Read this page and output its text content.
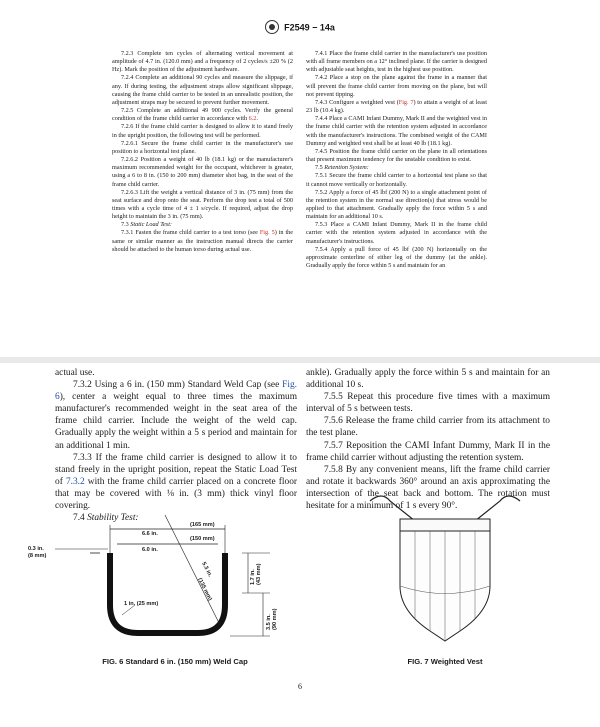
F2549 − 14a

7.2.3 Complete ten cycles of alternating vertical movement at amplitude of 4.7 in. (120.0 mm) and a frequency of 2 cycles/s ±20 % (2 Hz). Mark the position of the adjustment hardware.

7.2.4 Complete an additional 90 cycles and measure the slippage, if any. If during testing, the adjustment straps allow significant slippage, causing the frame child carrier to be tested in an unrealistic position, the adjustment straps may be secured to prevent further movement.

7.2.5 Complete an additional 49 900 cycles. Verify the general condition of the frame child carrier in accordance with 6.2.

7.2.6 If the frame child carrier is designed to allow it to stand freely in the upright position, the following test will be performed.

7.2.6.1 Secure the frame child carrier in the manufacturer's use position to a horizontal test plane.

7.2.6.2 Position a weight of 40 lb (18.1 kg) or the manufacturer's maximum recommended weight for the occupant, whichever is greater, using a 6 to 8 in. (150 to 200 mm) diameter shot bag, in the seat of the frame child carrier.

7.2.6.3 Lift the weight a vertical distance of 3 in. (75 mm) from the seat surface and drop onto the seat. Perform the drop test a total of 500 times with a cycle time of 4 ± 1 s/cycle. If required, adjust the drop height to maintain the 3 in. (75 mm).

7.3 Static Load Test:

7.3.1 Fasten the frame child carrier to a test torso (see Fig. 5) in the same or similar manner as the instruction manual directs the carrier should be attached to the human torso during actual use.

7.4.1 Place the frame child carrier in the manufacturer's use position with all frame members on a 12° inclined plane. If the carrier is designed with adjustable seat heights, test in the highest use position.

7.4.2 Place a stop on the plane against the frame in a manner that will prevent the frame child carrier from moving on the plane, but will not prevent tipping.

7.4.3 Configure a weighted vest (Fig. 7) to attain a weight of at least 23 lb (10.4 kg).

7.4.4 Place a CAMI Infant Dummy, Mark II and the weighted vest in the frame child carrier with the retention system adjusted in accordance with the manufacturer's instructions. The combined weight of the CAMI Dummy and weighted vest shall be at least 40 lb (18.1 kg).

7.4.5 Position the frame child carrier on the plane in all orientations that present maximum tendency for the unstable condition to exist.

7.5 Retention System:

7.5.1 Secure the frame child carrier to a horizontal test plane so that it cannot move vertically or horizontally.

7.5.2 Apply a force of 45 lbf (200 N) to a single attachment point of the retention system in the normal use direction(s) that stress would be applied to that attachment. Gradually apply the force within 5 s and maintain for an additional 10 s.

7.5.3 Place a CAMI Infant Dummy, Mark II in the frame child carrier with the retention system adjusted in accordance with the manufacturer's instructions.

7.5.4 Apply a pull force of 45 lbf (200 N) horizontally on the approximate centerline of either leg of the dummy (at the ankle). Gradually apply the force within 5 s and maintain for an

actual use.

7.3.2 Using a 6 in. (150 mm) Standard Weld Cap (see Fig. 6), center a weight equal to three times the maximum manufacturer's recommended weight in the seat area of the frame child carrier. Include the weight of the weld cap. Gradually apply the weight within a 5 s period and maintain for an additional 1 min.

7.3.3 If the frame child carrier is designed to allow it to stand freely in the upright position, repeat the Static Load Test of 7.3.2 with the frame child carrier placed on a concrete floor that may be covered with ⅛ in. (3 mm) thick vinyl floor covering.

7.4 Stability Test:

ankle). Gradually apply the force within 5 s and maintain for an additional 10 s.

7.5.5 Repeat this procedure five times with a maximum interval of 5 s between tests.

7.5.6 Release the frame child carrier from its attachment to the test plane.

7.5.7 Reposition the CAMI Infant Dummy, Mark II in the frame child carrier without adjusting the retention system.

7.5.8 By any convenient means, lift the frame child carrier and rotate it backwards 360° around an axis approximating the intersection of the seat back and bottom. The rotation must hesitate for a minimum of 1 s every 90°.

(165 mm)
6.6 in.
(150 mm)
6.0 in.
0.3 in.
(8 mm)
1 in. (25 mm)
5.3 in.
(135 mm)
1.7 in. (43 mm)
3.5 in. (90 mm)
FIG. 6 Standard 6 in. (150 mm) Weld Cap	FIG. 7 Weighted Vest
6
